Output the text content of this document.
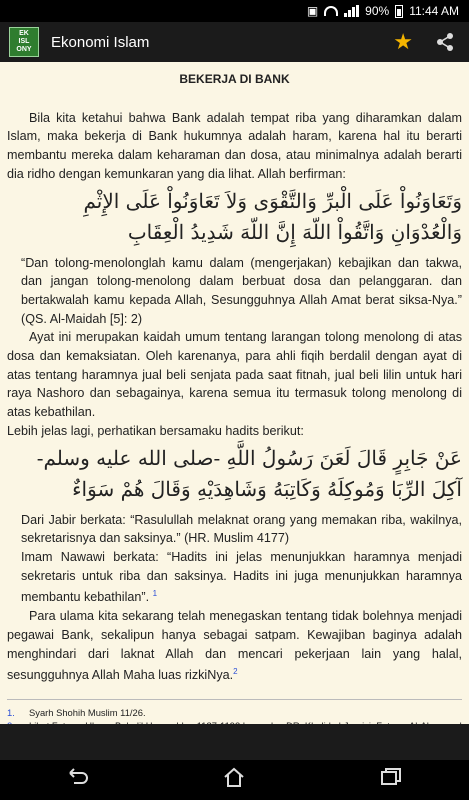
▣	90% 11:44 AM
EK
ISL
ONY Ekonomi Islam	★
BEKERJA DI BANK

Bila kita ketahui bahwa Bank adalah tempat riba yang diharamkan dalam Islam, maka bekerja di Bank hukumnya adalah haram, karena hal itu berarti membantu mereka dalam keharaman dan dosa, atau minimalnya adalah berarti dia ridho dengan kemunkaran yang dia lihat. Allah berfirman:

وَتَعَاوَنُواْ عَلَى الْبرِّ وَالتَّقْوَى وَلاَ تَعَاوَنُواْ عَلَى الإِثْمِ وَالْعُدْوَانِ وَاتَّقُواْ اللّهَ إِنَّ اللّهَ شَدِيدُ الْعِقَابِ

“Dan tolong-menolonglah kamu dalam (mengerjakan) kebajikan dan takwa, dan jangan tolong-menolong dalam berbuat dosa dan pelanggaran. dan bertakwalah kamu kepada Allah, Sesungguhnya Allah Amat berat siksa-Nya.” (QS. Al-Maidah [5]: 2)

Ayat ini merupakan kaidah umum tentang larangan tolong menolong di atas dosa dan kemaksiatan. Oleh karenanya, para ahli fiqih berdalil dengan ayat di atas tentang haramnya jual beli senjata pada saat fitnah, jual beli lilin untuk hari raya Nashoro dan sebagainya, karena semua itu termasuk tolong menolong di atas kebathilan.

Lebih jelas lagi, perhatikan bersamaku hadits berikut:

عَنْ جَابِرٍ قَالَ لَعَنَ رَسُولُ اللَّهِ -صلى الله عليه وسلم- آكِلَ الرِّبَا وَمُوكِلَهُ وَكَاتِبَهُ وَشَاهِدَيْهِ وَقَالَ هُمْ سَوَاءٌ

Dari Jabir berkata: “Rasulullah melaknat orang yang memakan riba, wakilnya, sekretarisnya dan saksinya.” (HR. Muslim 4177)

Imam Nawawi berkata: “Hadits ini jelas menunjukkan haramnya menjadi sekretaris untuk riba dan saksinya. Hadits ini juga menunjukkan haramnya membantu kebathilan”. $^1$

Para ulama kita sekarang telah menegaskan tentang tidak bolehnya menjadi pegawai Bank, sekalipun hanya sebagai satpam. Kewajiban baginya adalah menghindari dari laknat Allah dan mencari pekerjaan lain yang halal, sesungguhnya Allah Maha luas rizkiNya.$^2$

1.	Syarh Shohih Muslim 11/26.
